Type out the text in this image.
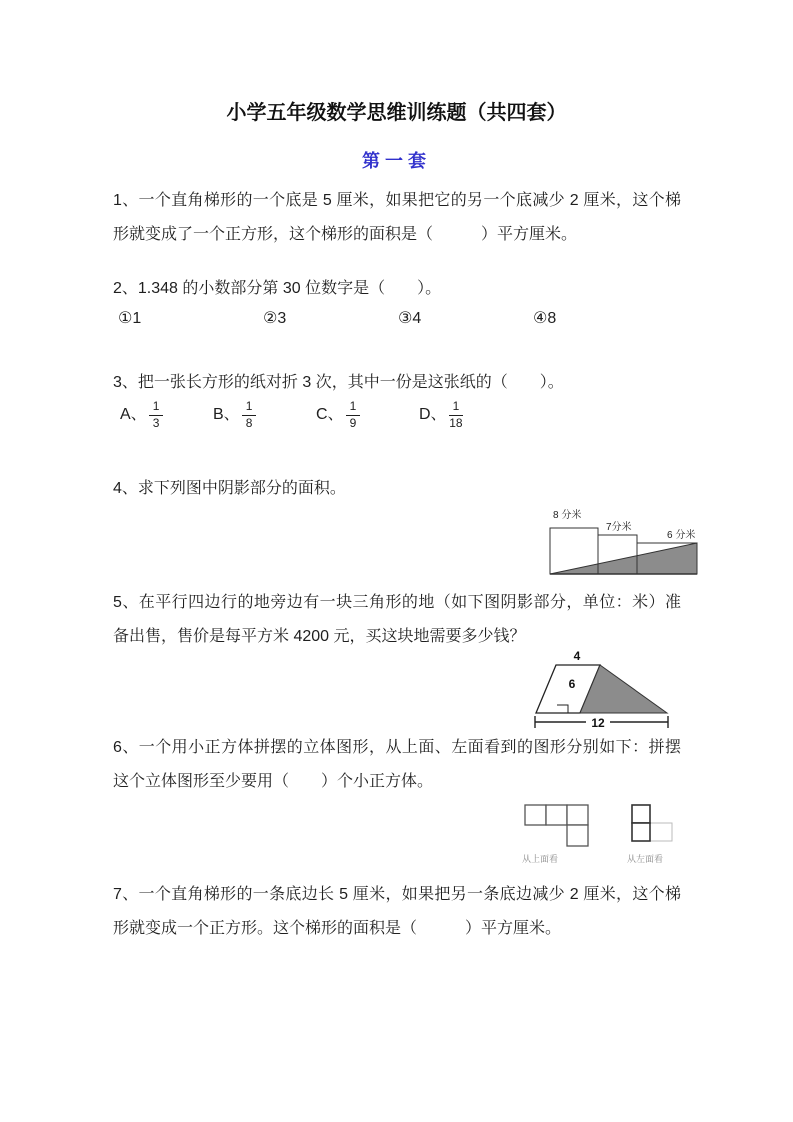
小学五年级数学思维训练题（共四套）
第一套
1、一个直角梯形的一个底是 5 厘米，如果把它的另一个底减少 2 厘米，这个梯
形就变成了一个正方形，这个梯形的面积是（　　　）平方厘米。
2、1.348 的小数部分第 30 位数字是（　　）。
①1	②3	③4	④8
3、把一张长方形的纸对折 3 次，其中一份是这张纸的（　　）。
A、 $\frac{1}{3}$	B、 $\frac{1}{8}$	C、 $\frac{1}{9}$	D、 $\frac{1}{18}$
4、求下列图中阴影部分的面积。
8 分米
7分米
6 分米
5、在平行四边行的地旁边有一块三角形的地（如下图阴影部分，单位：米）准
备出售，售价是每平方米 4200 元，买这块地需要多少钱？
4
6
12
6、一个用小正方体拼摆的立体图形，从上面、左面看到的图形分别如下：拼摆
这个立体图形至少要用（　　）个小正方体。
从上面看	从左面看
7、一个直角梯形的一条底边长 5 厘米，如果把另一条底边减少 2 厘米，这个梯
形就变成一个正方形。这个梯形的面积是（　　　）平方厘米。
